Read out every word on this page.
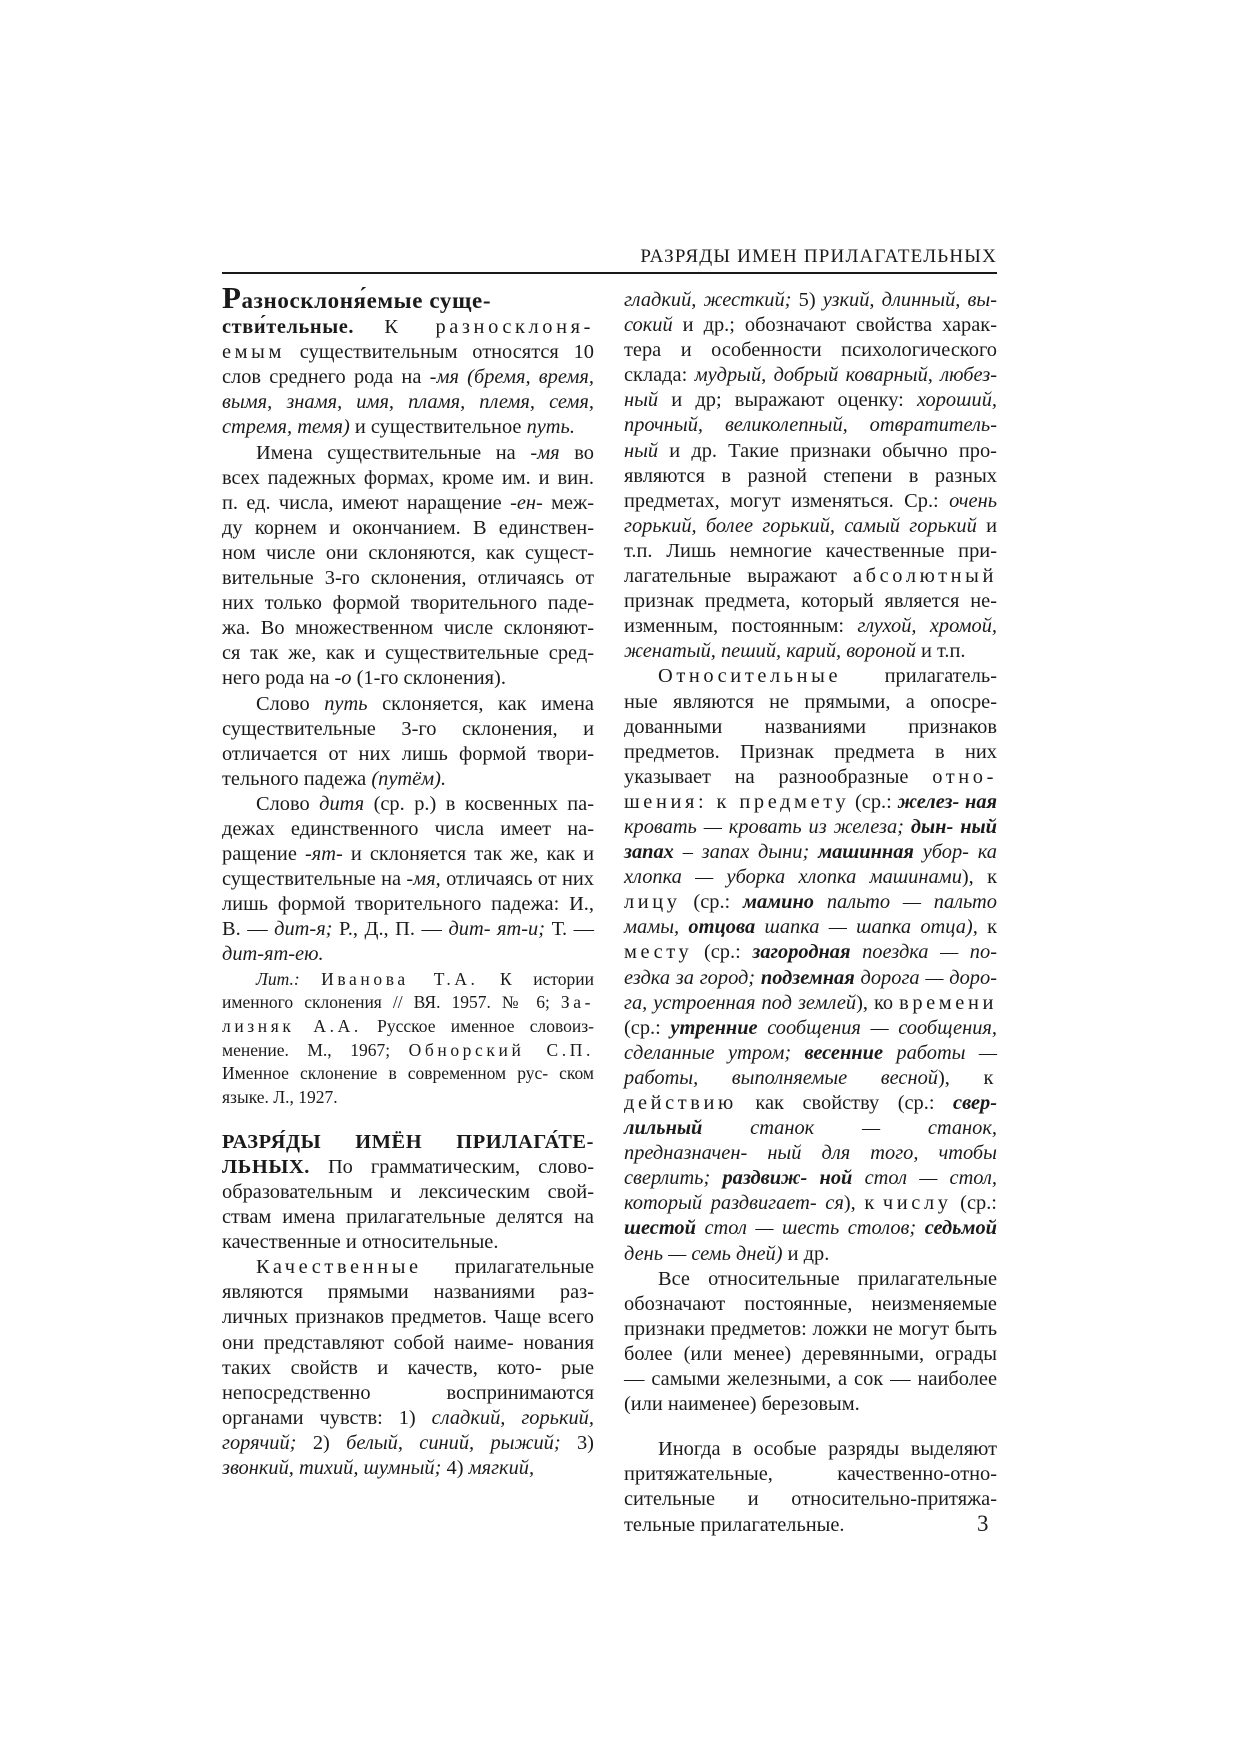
РАЗРЯДЫ ИМЕН ПРИЛАГАТЕЛЬНЫХ

Разносклоня́емые суще-
стви́тельные. К разносклоня- емым существительным относятся 10 слов среднего рода на -мя (бремя, время, вымя, знамя, имя, пламя, племя, семя, стремя, темя) и существительное путь.

Имена существительные на -мя во всех падежных формах, кроме им. и вин. п. ед. числа, имеют наращение -ен- меж- ду корнем и окончанием. В единствен- ном числе они склоняются, как сущест- вительные 3-го склонения, отличаясь от них только формой творительного паде- жа. Во множественном числе склоняют- ся так же, как и существительные сред- него рода на -о (1-го склонения).

Слово путь склоняется, как имена существительные 3-го склонения, и отличается от них лишь формой твори- тельного падежа (путём).

Слово дитя (ср. р.) в косвенных па- дежах единственного числа имеет на- ращение -ят- и склоняется так же, как и существительные на -мя, отличаясь от них лишь формой творительного падежа: И., В. — дит-я; Р., Д., П. — дит- ят-и; Т. — дит-ят-ею.

Лит.: Иванова Т.А. К истории именного склонения // ВЯ. 1957. № 6; За- лизняк А.А. Русское именное словоиз- менение. М., 1967; Обнорский С.П. Именное склонение в современном рус- ском языке. Л., 1927.

РАЗРЯ́ДЫ ИМЁН ПРИЛАГА́ТЕ- ЛЬНЫХ. По грамматическим, слово- образовательным и лексическим свой- ствам имена прилагательные делятся на качественные и относительные.

Качественные прилагательные являются прямыми названиями раз- личных признаков предметов. Чаще всего они представляют собой наиме- нования таких свойств и качеств, кото- рые непосредственно воспринимаются органами чувств: 1) сладкий, горький, горячий; 2) белый, синий, рыжий; 3) звонкий, тихий, шумный; 4) мягкий,

гладкий, жесткий; 5) узкий, длинный, вы- сокий и др.; обозначают свойства харак- тера и особенности психологического склада: мудрый, добрый коварный, любез- ный и др; выражают оценку: хороший, прочный, великолепный, отвратитель- ный и др. Такие признаки обычно про- являются в разной степени в разных предметах, могут изменяться. Ср.: очень горький, более горький, самый горький и т.п. Лишь немногие качественные при- лагательные выражают абсолютный признак предмета, который является не- изменным, постоянным: глухой, хромой, женатый, пеший, карий, вороной и т.п.

Относительные прилагатель- ные являются не прямыми, а опосре- дованными названиями признаков предметов. Признак предмета в них указывает на разнообразные отно- шения: к предмету (ср.: желез- ная кровать — кровать из железа; дын- ный запах – запах дыни; машинная убор- ка хлопка — уборка хлопка машинами), к лицу (ср.: мамино пальто — пальто мамы, отцова шапка — шапка отца), к месту (ср.: загородная поездка — по- ездка за город; подземная дорога — доро- га, устроенная под землей), ко времени (ср.: утренние сообщения — сообщения, сделанные утром; весенние работы — работы, выполняемые весной), к действию как свойству (ср.: свер- лильный станок — станок, предназначен- ный для того, чтобы сверлить; раздвиж- ной стол — стол, который раздвигает- ся), к числу (ср.: шестой стол — шесть столов; седьмой день — семь дней) и др.

Все относительные прилагательные обозначают постоянные, неизменяемые признаки предметов: ложки не могут быть более (или менее) деревянными, ограды — самыми железными, а сок — наиболее (или наименее) березовым.

Иногда в особые разряды выделяют притяжательные, качественно-отно- сительные и относительно-притяжа- тельные прилагательные.	3
